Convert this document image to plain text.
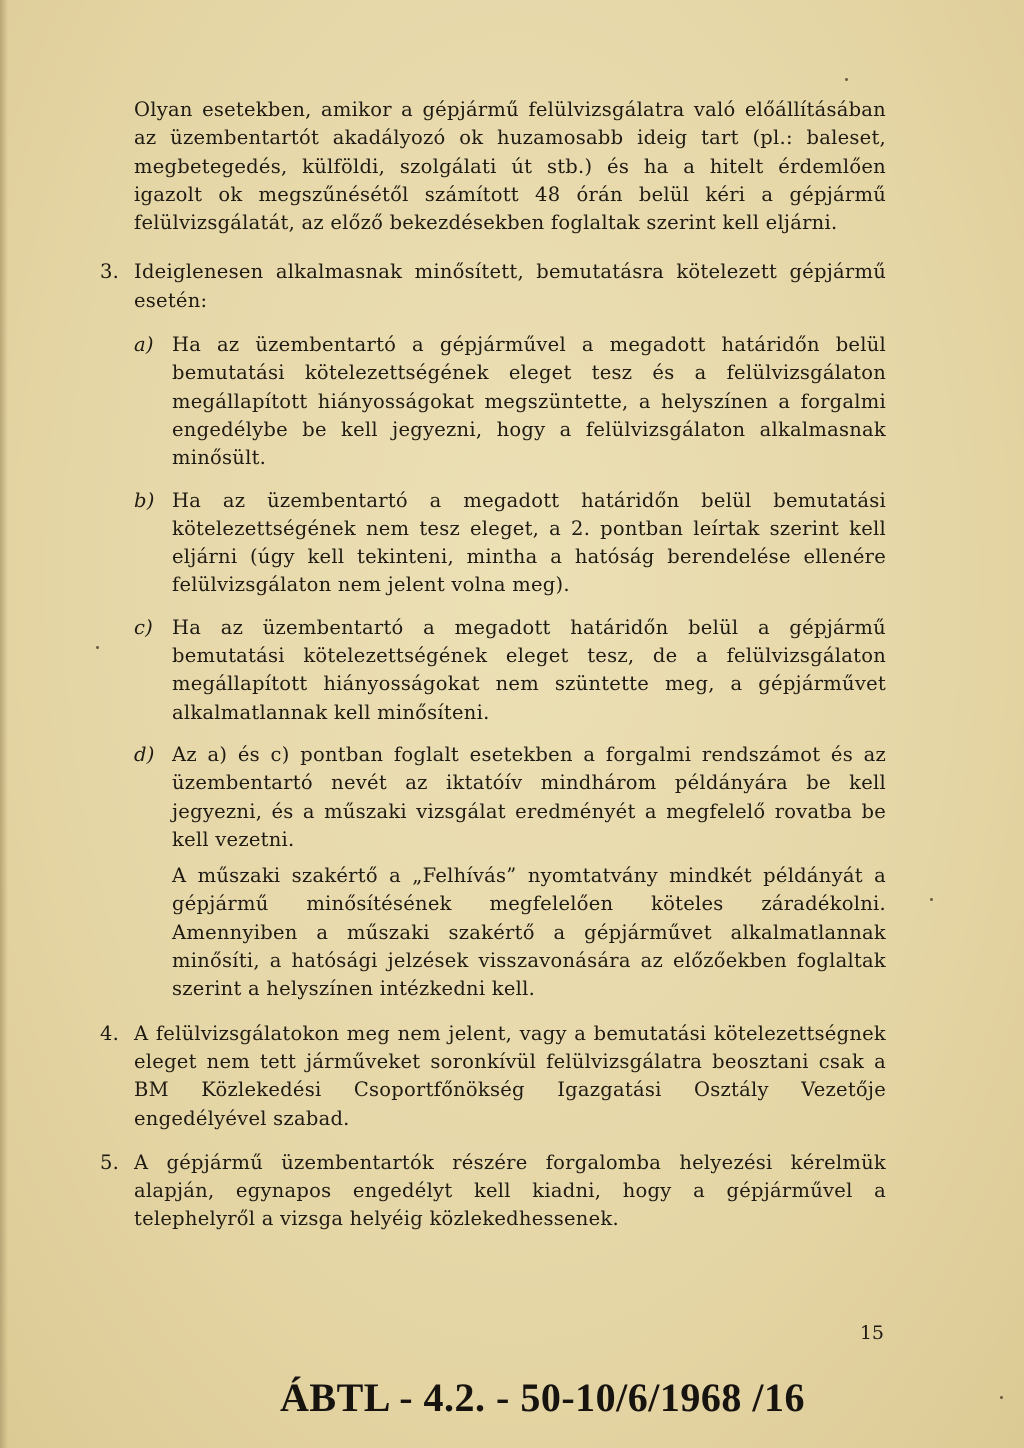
Olyan esetekben, amikor a gépjármű felülvizsgálatra való előállításában az üzembentartót akadályozó ok huzamosabb ideig tart (pl.: baleset, megbetegedés, külföldi, szolgálati út stb.) és ha a hitelt érdemlően igazolt ok megszűnésétől számított 48 órán belül kéri a gépjármű felülvizsgálatát, az előző bekezdésekben foglaltak szerint kell eljárni.

3. Ideiglenesen alkalmasnak minősített, bemutatásra kötelezett gépjármű esetén:

a) Ha az üzembentartó a gépjárművel a megadott határidőn belül bemutatási kötelezettségének eleget tesz és a felülvizsgálaton megállapított hiányosságokat megszüntette, a helyszínen a forgalmi engedélybe be kell jegyezni, hogy a felülvizsgálaton alkalmasnak minősült.

b) Ha az üzembentartó a megadott határidőn belül bemutatási kötelezettségének nem tesz eleget, a 2. pontban leírtak szerint kell eljárni (úgy kell tekinteni, mintha a hatóság berendelése ellenére felülvizsgálaton nem jelent volna meg).

c) Ha az üzembentartó a megadott határidőn belül a gépjármű bemutatási kötelezettségének eleget tesz, de a felülvizsgálaton megállapított hiányosságokat nem szüntette meg, a gépjárművet alkalmatlannak kell minősíteni.

d) Az a) és c) pontban foglalt esetekben a forgalmi rendszámot és az üzembentartó nevét az iktatóív mindhárom példányára be kell jegyezni, és a műszaki vizsgálat eredményét a megfelelő rovatba be kell vezetni.

A műszaki szakértő a „Felhívás” nyomtatvány mindkét példányát a gépjármű minősítésének megfelelően köteles záradékolni. Amennyiben a műszaki szakértő a gépjárművet alkalmatlannak minősíti, a hatósági jelzések visszavonására az előzőekben foglaltak szerint a helyszínen intézkedni kell.

4. A felülvizsgálatokon meg nem jelent, vagy a bemutatási kötelezettségnek eleget nem tett járműveket soronkívül felülvizsgálatra beosztani csak a BM Közlekedési Csoportfőnökség Igazgatási Osztály Vezetője engedélyével szabad.

5. A gépjármű üzembentartók részére forgalomba helyezési kérelmük alapján, egynapos engedélyt kell kiadni, hogy a gépjárművel a telephelyről a vizsga helyéig közlekedhessenek.

15
ÁBTL - 4.2. - 50-10/6/1968 /16
